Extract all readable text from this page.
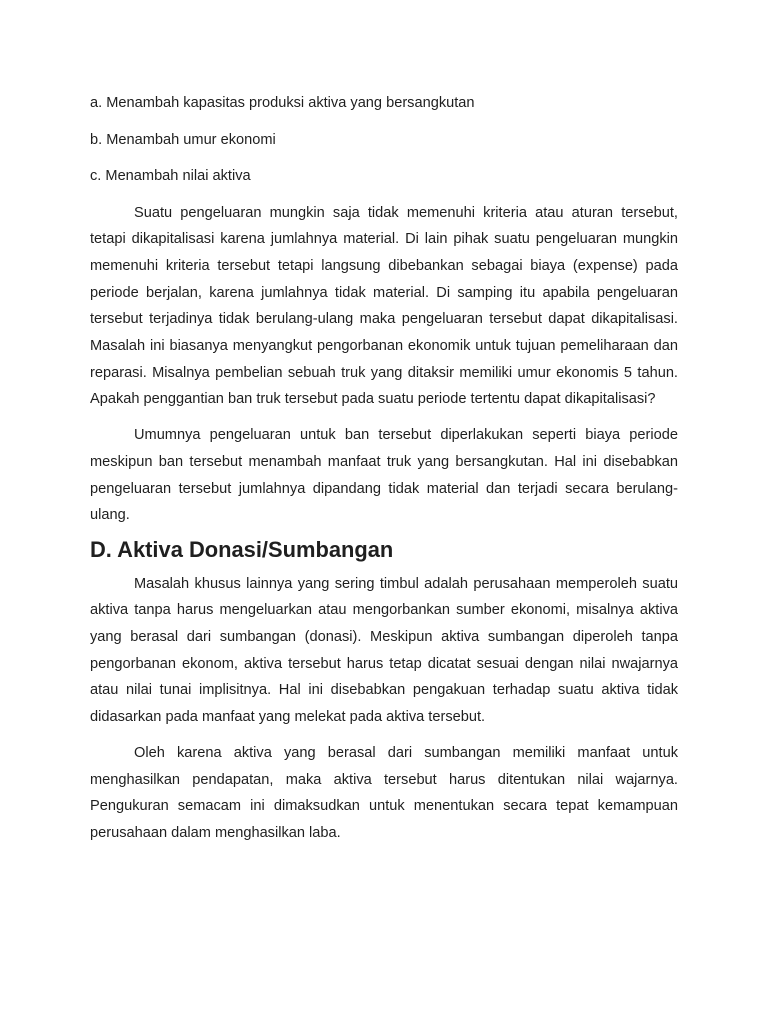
a. Menambah kapasitas produksi aktiva yang bersangkutan

b. Menambah umur ekonomi

c. Menambah nilai aktiva

Suatu pengeluaran mungkin saja tidak memenuhi kriteria atau aturan tersebut, tetapi dikapitalisasi karena jumlahnya material. Di lain pihak suatu pengeluaran mungkin memenuhi kriteria tersebut tetapi langsung dibebankan sebagai biaya (expense) pada periode berjalan, karena jumlahnya tidak material. Di samping itu apabila pengeluaran tersebut terjadinya tidak berulang-ulang maka pengeluaran tersebut dapat dikapitalisasi. Masalah ini biasanya menyangkut pengorbanan ekonomik untuk tujuan pemeliharaan dan reparasi. Misalnya pembelian sebuah truk yang ditaksir memiliki umur ekonomis 5 tahun. Apakah penggantian ban truk tersebut pada suatu periode tertentu dapat dikapitalisasi?

Umumnya pengeluaran untuk ban tersebut diperlakukan seperti biaya periode meskipun ban tersebut menambah manfaat truk yang bersangkutan. Hal ini disebabkan pengeluaran tersebut jumlahnya dipandang tidak material dan terjadi secara berulang-ulang.

D. Aktiva Donasi/Sumbangan

Masalah khusus lainnya yang sering timbul adalah perusahaan memperoleh suatu aktiva tanpa harus mengeluarkan atau mengorbankan sumber ekonomi, misalnya aktiva yang berasal dari sumbangan (donasi). Meskipun aktiva sumbangan diperoleh tanpa pengorbanan ekonom, aktiva tersebut harus tetap dicatat sesuai dengan nilai nwajarnya atau nilai tunai implisitnya. Hal ini disebabkan pengakuan terhadap suatu aktiva tidak didasarkan pada manfaat yang melekat pada aktiva tersebut.

Oleh karena aktiva yang berasal dari sumbangan memiliki manfaat untuk menghasilkan pendapatan, maka aktiva tersebut harus ditentukan nilai wajarnya. Pengukuran semacam ini dimaksudkan untuk menentukan secara tepat kemampuan perusahaan dalam menghasilkan laba.
